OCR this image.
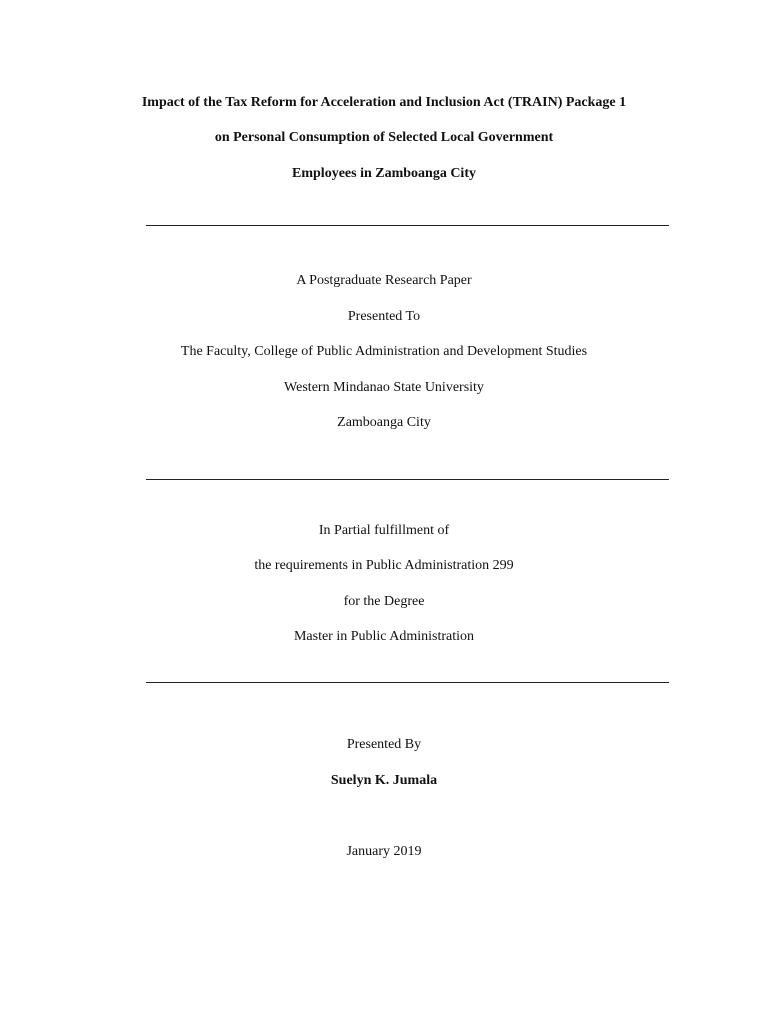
Impact of the Tax Reform for Acceleration and Inclusion Act (TRAIN) Package 1
on Personal Consumption of Selected Local Government
Employees in Zamboanga City
A Postgraduate Research Paper
Presented To
The Faculty, College of Public Administration and Development Studies
Western Mindanao State University
Zamboanga City
In Partial fulfillment of
the requirements in Public Administration 299
for the Degree
Master in Public Administration
Presented By
Suelyn K. Jumala
January 2019
